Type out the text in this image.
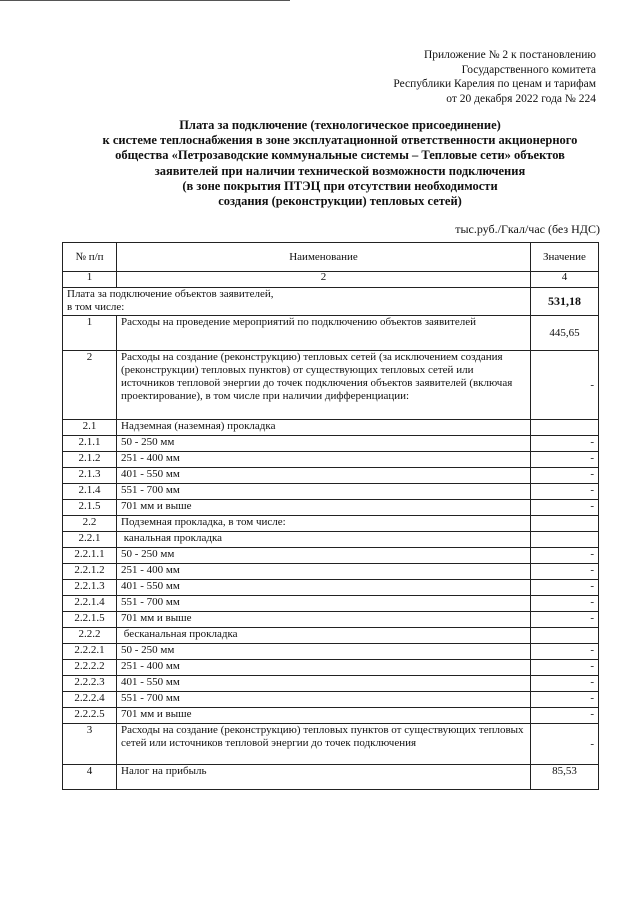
Приложение № 2 к постановлению
Государственного комитета
Республики Карелия по ценам и тарифам
от 20 декабря 2022 года № 224
Плата за подключение (технологическое присоединение)
к системе теплоснабжения в зоне эксплуатационной ответственности акционерного
общества «Петрозаводские коммунальные системы – Тепловые сети» объектов
заявителей при наличии технической возможности подключения
(в зоне покрытия ПТЭЦ при отсутствии необходимости
создания (реконструкции) тепловых сетей)
тыс.руб./Гкал/час (без НДС)
№ п/п	Наименование	Значение
1	2	4
Плата за подключение объектов заявителей,
в том числе:		531,18
1	Расходы на проведение мероприятий по подключению объектов заявителей	445,65
2	Расходы на создание (реконструкцию) тепловых сетей (за исключением создания (реконструкции) тепловых пунктов) от существующих тепловых сетей или источников тепловой энергии до точек подключения объектов заявителей (включая проектирование), в том числе при наличии дифференциации:	-
2.1	Надземная (наземная) прокладка	
2.1.1	50 - 250 мм	-
2.1.2	251 - 400 мм	-
2.1.3	401 - 550 мм	-
2.1.4	551 - 700 мм	-
2.1.5	701 мм и выше	-
2.2	Подземная прокладка, в том числе:	
2.2.1	канальная прокладка	
2.2.1.1	50 - 250 мм	-
2.2.1.2	251 - 400 мм	-
2.2.1.3	401 - 550 мм	-
2.2.1.4	551 - 700 мм	-
2.2.1.5	701 мм и выше	-
2.2.2	бесканальная прокладка	
2.2.2.1	50 - 250 мм	-
2.2.2.2	251 - 400 мм	-
2.2.2.3	401 - 550 мм	-
2.2.2.4	551 - 700 мм	-
2.2.2.5	701 мм и выше	-
3	Расходы на создание (реконструкцию) тепловых пунктов от существующих тепловых сетей или источников тепловой энергии до точек подключения	-
4	Налог на прибыль	85,53
